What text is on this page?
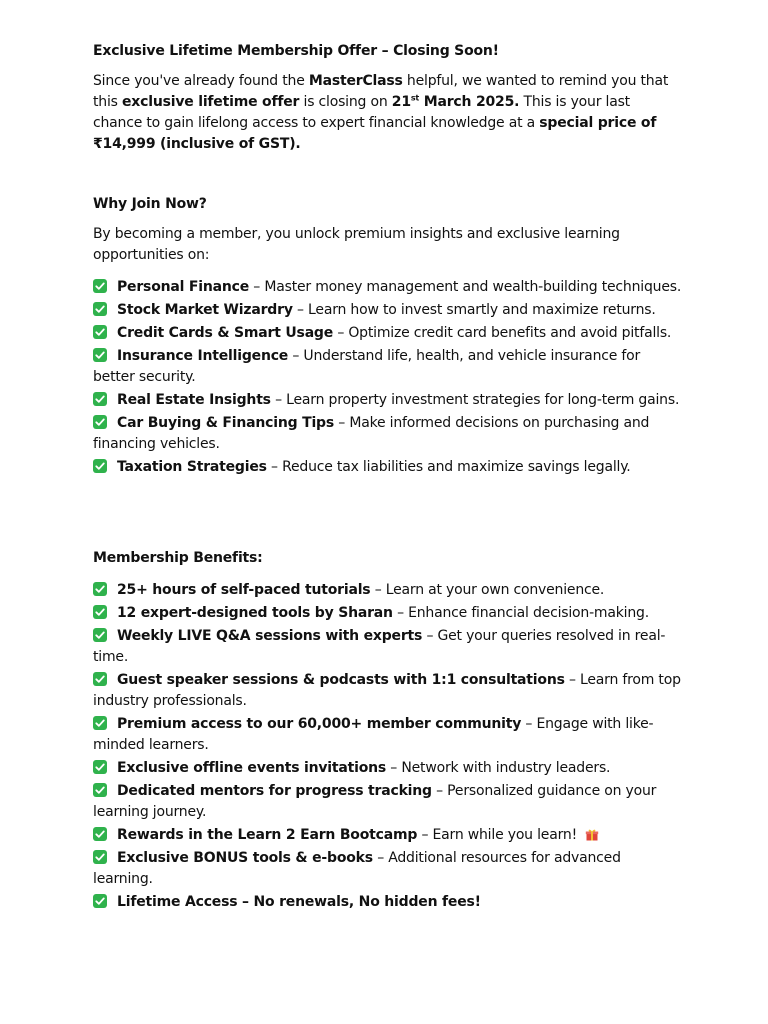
Exclusive Lifetime Membership Offer – Closing Soon!

Since you've already found the MasterClass helpful, we wanted to remind you that this exclusive lifetime offer is closing on 21st March 2025. This is your last chance to gain lifelong access to expert financial knowledge at a special price of ₹14,999 (inclusive of GST).

Why Join Now?

By becoming a member, you unlock premium insights and exclusive learning opportunities on:

Personal Finance – Master money management and wealth-building techniques.
Stock Market Wizardry – Learn how to invest smartly and maximize returns.
Credit Cards & Smart Usage – Optimize credit card benefits and avoid pitfalls.
Insurance Intelligence – Understand life, health, and vehicle insurance for better security.
Real Estate Insights – Learn property investment strategies for long-term gains.
Car Buying & Financing Tips – Make informed decisions on purchasing and financing vehicles.
Taxation Strategies – Reduce tax liabilities and maximize savings legally.

Membership Benefits:

25+ hours of self-paced tutorials – Learn at your own convenience.
12 expert-designed tools by Sharan – Enhance financial decision-making.
Weekly LIVE Q&A sessions with experts – Get your queries resolved in real-time.
Guest speaker sessions & podcasts with 1:1 consultations – Learn from top industry professionals.
Premium access to our 60,000+ member community – Engage with like-minded learners.
Exclusive offline events invitations – Network with industry leaders.
Dedicated mentors for progress tracking – Personalized guidance on your learning journey.
Rewards in the Learn 2 Earn Bootcamp – Earn while you learn!
Exclusive BONUS tools & e-books – Additional resources for advanced learning.
Lifetime Access – No renewals, No hidden fees!
